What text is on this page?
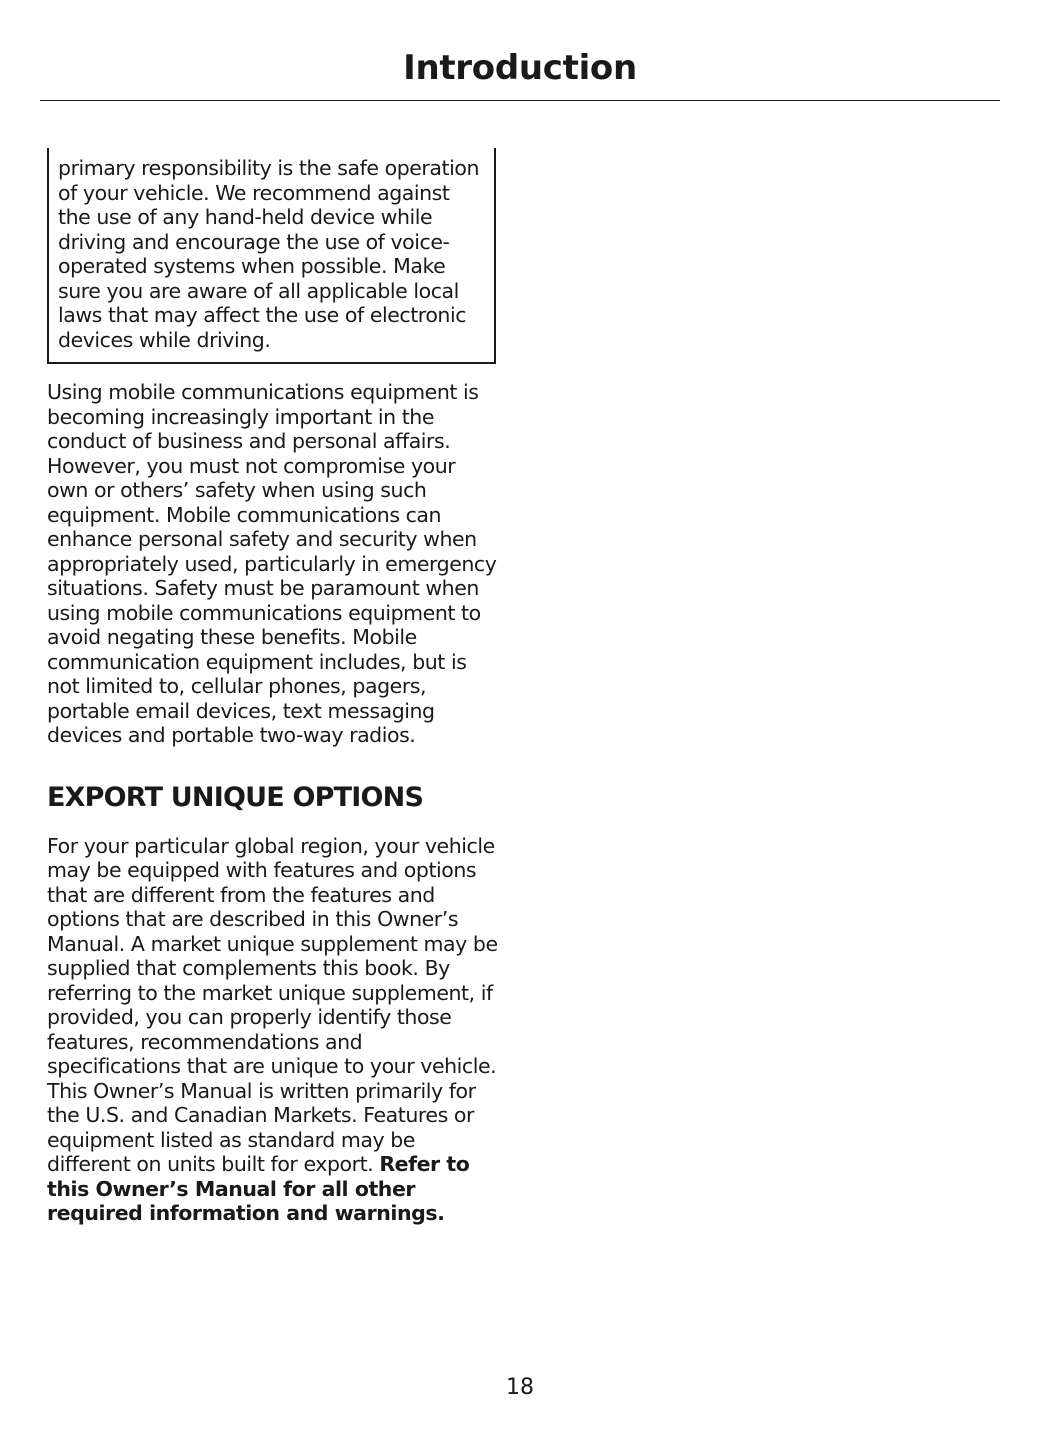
Introduction

primary responsibility is the safe operation of your vehicle. We recommend against the use of any hand-held device while driving and encourage the use of voice-operated systems when possible. Make sure you are aware of all applicable local laws that may affect the use of electronic devices while driving.

Using mobile communications equipment is becoming increasingly important in the conduct of business and personal affairs. However, you must not compromise your own or others’ safety when using such equipment. Mobile communications can enhance personal safety and security when appropriately used, particularly in emergency situations. Safety must be paramount when using mobile communications equipment to avoid negating these benefits. Mobile communication equipment includes, but is not limited to, cellular phones, pagers, portable email devices, text messaging devices and portable two-way radios.

EXPORT UNIQUE OPTIONS

For your particular global region, your vehicle may be equipped with features and options that are different from the features and options that are described in this Owner’s Manual. A market unique supplement may be supplied that complements this book. By referring to the market unique supplement, if provided, you can properly identify those features, recommendations and specifications that are unique to your vehicle. This Owner’s Manual is written primarily for the U.S. and Canadian Markets. Features or equipment listed as standard may be different on units built for export. Refer to this Owner’s Manual for all other required information and warnings.

18
